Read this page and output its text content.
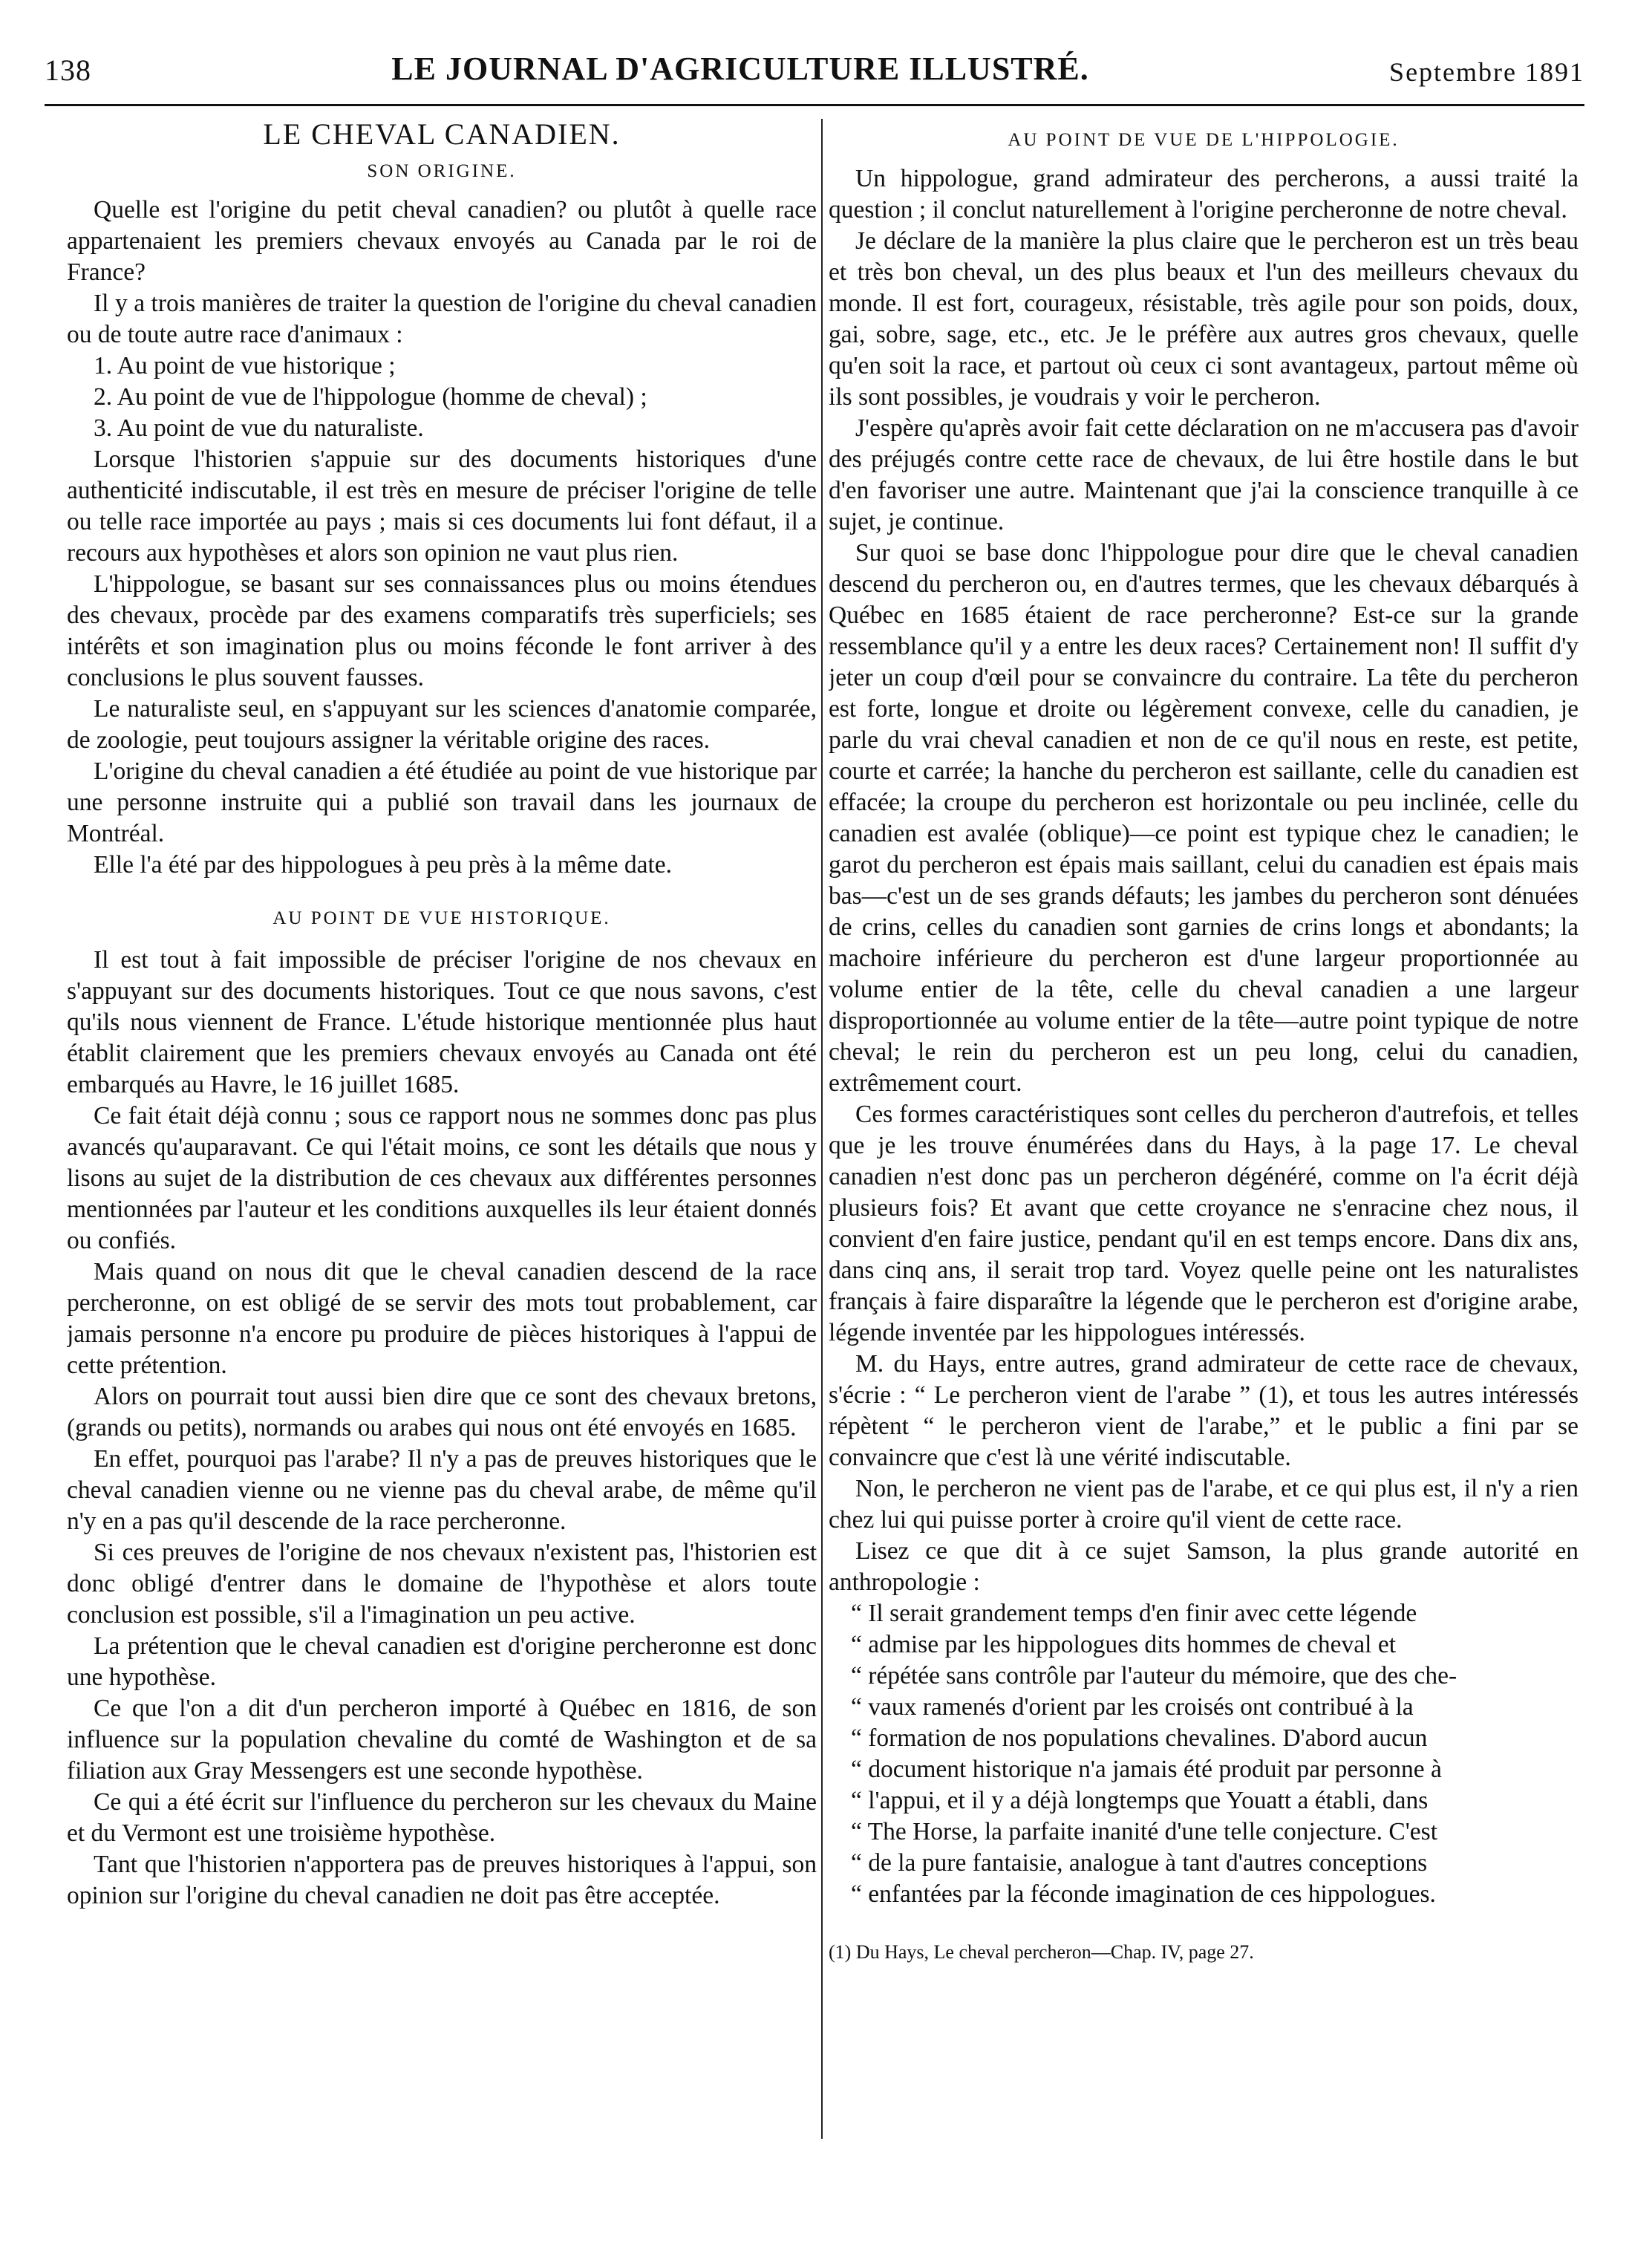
138	LE JOURNAL D'AGRICULTURE ILLUSTRÉ.	Septembre 1891
LE CHEVAL CANADIEN.
SON ORIGINE.

Quelle est l'origine du petit cheval canadien? ou plutôt à quelle race appartenaient les premiers chevaux envoyés au Canada par le roi de France?

Il y a trois manières de traiter la question de l'origine du cheval canadien ou de toute autre race d'animaux :

1. Au point de vue historique ;

2. Au point de vue de l'hippologue (homme de cheval) ;

3. Au point de vue du naturaliste.

Lorsque l'historien s'appuie sur des documents historiques d'une authenticité indiscutable, il est très en mesure de préciser l'origine de telle ou telle race importée au pays ; mais si ces documents lui font défaut, il a recours aux hypothèses et alors son opinion ne vaut plus rien.

L'hippologue, se basant sur ses connaissances plus ou moins étendues des chevaux, procède par des examens comparatifs très superficiels; ses intérêts et son imagination plus ou moins féconde le font arriver à des conclusions le plus souvent fausses.

Le naturaliste seul, en s'appuyant sur les sciences d'anatomie comparée, de zoologie, peut toujours assigner la véritable origine des races.

L'origine du cheval canadien a été étudiée au point de vue historique par une personne instruite qui a publié son travail dans les journaux de Montréal.

Elle l'a été par des hippologues à peu près à la même date.

AU POINT DE VUE HISTORIQUE.

Il est tout à fait impossible de préciser l'origine de nos chevaux en s'appuyant sur des documents historiques. Tout ce que nous savons, c'est qu'ils nous viennent de France. L'étude historique mentionnée plus haut établit clairement que les premiers chevaux envoyés au Canada ont été embarqués au Havre, le 16 juillet 1685.

Ce fait était déjà connu ; sous ce rapport nous ne sommes donc pas plus avancés qu'auparavant. Ce qui l'était moins, ce sont les détails que nous y lisons au sujet de la distribution de ces chevaux aux différentes personnes mentionnées par l'auteur et les conditions auxquelles ils leur étaient donnés ou confiés.

Mais quand on nous dit que le cheval canadien descend de la race percheronne, on est obligé de se servir des mots tout probablement, car jamais personne n'a encore pu produire de pièces historiques à l'appui de cette prétention.

Alors on pourrait tout aussi bien dire que ce sont des chevaux bretons, (grands ou petits), normands ou arabes qui nous ont été envoyés en 1685.

En effet, pourquoi pas l'arabe? Il n'y a pas de preuves historiques que le cheval canadien vienne ou ne vienne pas du cheval arabe, de même qu'il n'y en a pas qu'il descende de la race percheronne.

Si ces preuves de l'origine de nos chevaux n'existent pas, l'historien est donc obligé d'entrer dans le domaine de l'hypothèse et alors toute conclusion est possible, s'il a l'imagination un peu active.

La prétention que le cheval canadien est d'origine percheronne est donc une hypothèse.

Ce que l'on a dit d'un percheron importé à Québec en 1816, de son influence sur la population chevaline du comté de Washington et de sa filiation aux Gray Messengers est une seconde hypothèse.

Ce qui a été écrit sur l'influence du percheron sur les chevaux du Maine et du Vermont est une troisième hypothèse.

Tant que l'historien n'apportera pas de preuves historiques à l'appui, son opinion sur l'origine du cheval canadien ne doit pas être acceptée.

AU POINT DE VUE DE L'HIPPOLOGIE.

Un hippologue, grand admirateur des percherons, a aussi traité la question ; il conclut naturellement à l'origine percheronne de notre cheval.

Je déclare de la manière la plus claire que le percheron est un très beau et très bon cheval, un des plus beaux et l'un des meilleurs chevaux du monde. Il est fort, courageux, résistable, très agile pour son poids, doux, gai, sobre, sage, etc., etc. Je le préfère aux autres gros chevaux, quelle qu'en soit la race, et partout où ceux ci sont avantageux, partout même où ils sont possibles, je voudrais y voir le percheron.

J'espère qu'après avoir fait cette déclaration on ne m'accusera pas d'avoir des préjugés contre cette race de chevaux, de lui être hostile dans le but d'en favoriser une autre. Maintenant que j'ai la conscience tranquille à ce sujet, je continue.

Sur quoi se base donc l'hippologue pour dire que le cheval canadien descend du percheron ou, en d'autres termes, que les chevaux débarqués à Québec en 1685 étaient de race percheronne? Est-ce sur la grande ressemblance qu'il y a entre les deux races? Certainement non! Il suffit d'y jeter un coup d'œil pour se convaincre du contraire. La tête du percheron est forte, longue et droite ou légèrement convexe, celle du canadien, je parle du vrai cheval canadien et non de ce qu'il nous en reste, est petite, courte et carrée; la hanche du percheron est saillante, celle du canadien est effacée; la croupe du percheron est horizontale ou peu inclinée, celle du canadien est avalée (oblique)—ce point est typique chez le canadien; le garot du percheron est épais mais saillant, celui du canadien est épais mais bas—c'est un de ses grands défauts; les jambes du percheron sont dénuées de crins, celles du canadien sont garnies de crins longs et abondants; la machoire inférieure du percheron est d'une largeur proportionnée au volume entier de la tête, celle du cheval canadien a une largeur disproportionnée au volume entier de la tête—autre point typique de notre cheval; le rein du percheron est un peu long, celui du canadien, extrêmement court.

Ces formes caractéristiques sont celles du percheron d'autrefois, et telles que je les trouve énumérées dans du Hays, à la page 17. Le cheval canadien n'est donc pas un percheron dégénéré, comme on l'a écrit déjà plusieurs fois? Et avant que cette croyance ne s'enracine chez nous, il convient d'en faire justice, pendant qu'il en est temps encore. Dans dix ans, dans cinq ans, il serait trop tard. Voyez quelle peine ont les naturalistes français à faire disparaître la légende que le percheron est d'origine arabe, légende inventée par les hippologues intéressés.

M. du Hays, entre autres, grand admirateur de cette race de chevaux, s'écrie : “ Le percheron vient de l'arabe ” (1), et tous les autres intéressés répètent “ le percheron vient de l'arabe,” et le public a fini par se convaincre que c'est là une vérité indiscutable.

Non, le percheron ne vient pas de l'arabe, et ce qui plus est, il n'y a rien chez lui qui puisse porter à croire qu'il vient de cette race.

Lisez ce que dit à ce sujet Samson, la plus grande autorité en anthropologie :

“ Il serait grandement temps d'en finir avec cette légende

“ admise par les hippologues dits hommes de cheval et

“ répétée sans contrôle par l'auteur du mémoire, que des che-

“ vaux ramenés d'orient par les croisés ont contribué à la

“ formation de nos populations chevalines. D'abord aucun

“ document historique n'a jamais été produit par personne à

“ l'appui, et il y a déjà longtemps que Youatt a établi, dans

“ The Horse, la parfaite inanité d'une telle conjecture. C'est

“ de la pure fantaisie, analogue à tant d'autres conceptions

“ enfantées par la féconde imagination de ces hippologues.

(1) Du Hays, Le cheval percheron—Chap. IV, page 27.
